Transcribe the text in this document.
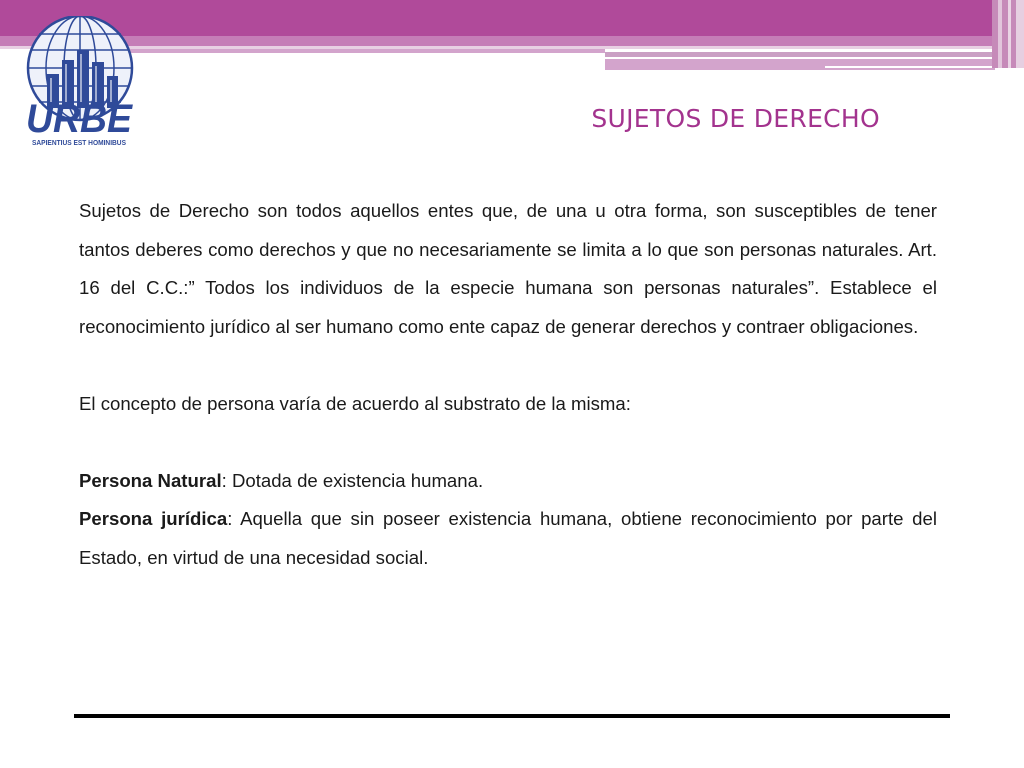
URBE
SAPIENTIUS EST HOMINIBUS
SUJETOS DE DERECHO

Sujetos de Derecho son todos aquellos entes que, de una u otra forma, son susceptibles de tener tantos deberes como derechos y que no necesariamente se limita a lo que son personas naturales. Art. 16 del C.C.:” Todos los individuos de la especie humana son personas naturales”. Establece el reconocimiento jurídico al ser humano como ente capaz de generar derechos y contraer obligaciones.

El concepto de persona varía de acuerdo al substrato de la misma:

Persona Natural: Dotada de existencia humana.

Persona jurídica: Aquella que sin poseer existencia humana, obtiene reconocimiento por parte del Estado, en virtud de una necesidad social.
